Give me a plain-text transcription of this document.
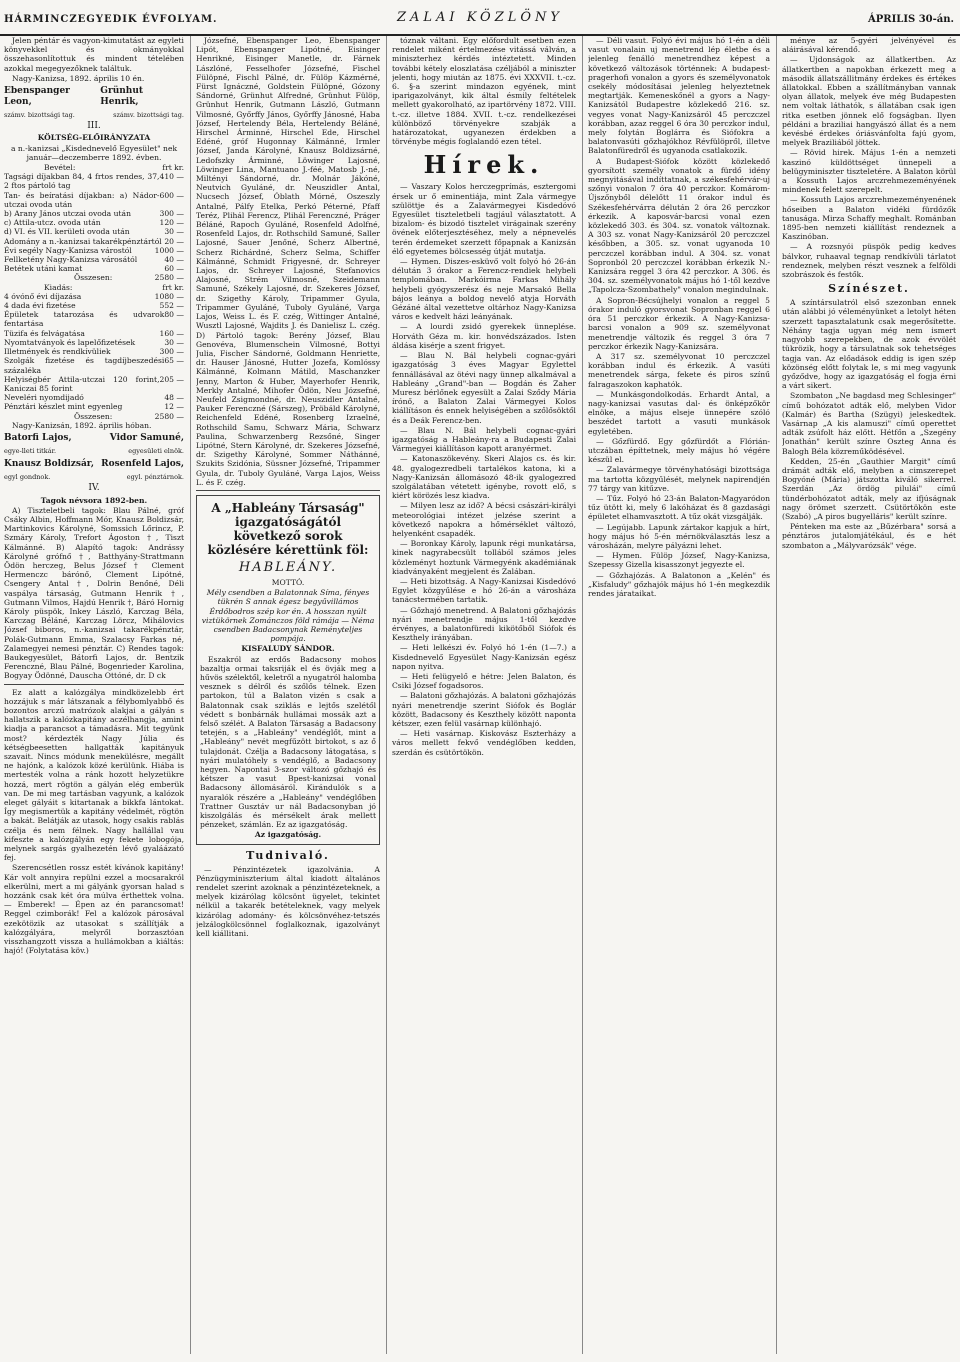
HÁRMINCZEGYEDIK ÉVFOLYAM.	ZALAI KÖZLÖNY	ÁPRILIS 30-án.

Jelen péntár és vagyon-kimutatást az egyleti könyvekkel és okmányokkal összehasonlítottuk és mindent tételében azokkal megegyezőknek találtuk.

Nagy-Kanizsa, 1892. április 10 én.

Ebenspanger Leon,
Grünhut Henrik,
számv. bizottsági tag.	számv. bizottsági tag.
III.

KÖLTSÉG-ELŐIRÁNYZATA

a n.-kanizsai „Kisdednevelő Egyesület" nek január—deczemberre 1892. évben.

Bevétel:	frt kr.
Tagsági díjakban 84, 4 frtos rendes, 37, 2 ftos pártoló tag
410 —
Tan- és beíratási díjakban: a) Nádor-utczai ovoda után
600 —
b) Arany János utczai ovoda után	300 —
c) Attila-utcz. ovoda után	120 —
d) VI. és VII. kerületi ovoda után	30 —
Adomány a n.-kanizsai takarékpénztártól 20 —
Évi segély Nagy-Kanizsa várostól	1000 —
Fellketény Nagy-Kanizsa városától	40 —
Betétek utáni kamat	60 —
Összesen:	2580 —
Kiadás:	frt kr.
4 óvónő évi díjazása	1080 —
4 dada évi fizetése	552 —
Épületek tatarozása és udvarok fentartása
80 —
Tüzifa és felvágatása	160 —
Nyomtatványok és lapelőfizetések	30 —
Illetmények és rendkívüliek	300 —
Szolgák fizetése és tagdíjbeszedési százaléka
65 —
Helyiségbér Attila-utczai 120 forint, Kaniczai 85 forint
205 —
Neveléri nyomdijadó	48 —
Pénztári készlet mint egyenleg	12 —
Összesen:	2580 —

Nagy-Kanizsán, 1892. április hóban.

Batorfi Lajos,	Vidor Samuné,
egye-lleti titkár.	egyesületi elnök.
Knausz Boldizsár, Rosenfeld Lajos,
egyl gondnok.	egyl. pénztárnok.
IV.

Tagok névsora 1892-ben.

A) Tiszteletbeli tagok: Blau Pálné, gróf Csáky Albin, Hoffmann Mór, Knausz Boldizsár, Martinkovics Károlyné, Somssich Lőrincz, P. Szmáry Károly, Trefort Ágoston †, Tiszt Kálmánné. B) Alapító tagok: Andrássy Károlyné grófnő †, Batthyány-Strattmann Ödön herczeg, Belus József † Clement Hermenczc bárónő, Clement Lipótné, Csengery Antal †, Dolrin Benőné, Déli vaspálya társaság, Gutmann Henrik †, Gutmann Vilmos, Hajdú Henrik †, Báró Hornig Károly püspök, Inkey László, Karczag Béla, Karczag Béláné, Karczag Lörcz, Mihálovics József biboros, n.-kanizsai takarékpénztár, Polák-Gutmann Emma, Szalacsy Farkas né, Zalamegyei nemesi pénztár. C) Rendes tagok: Baukegyesület, Bátorfi Lajos, dr. Bentzik Ferenczné, Blau Pálné, Bogenrieder Karolina, Bogyay Ödönné, Dauscha Ottóné, dr. D ck

Ez alatt a kalózgálya mindközelebb ért hozzájuk s már látszanak a félybomlyabbő és bozontos arczú matrózok alakjai a gályán s hallatszik a kalózkapitány aczélhangja, amint kiadja a parancsot a támadásra. Mit tegyünk most? kérdezték Nagy Júlia és kétségbeesetten hallgatták kapitányuk szavait. Nincs módunk menekülésre, megállt ne hajónk, a kalózok közé kerülünk. Hiába is mertesték volna a ránk hozott helyzetükre hozzá, mert rögtön a gályán elég emberük van. De mi meg tartásban vagyunk, a kalózok eleget gályáit s kitartanak a bikkfa lántokat. Így megismertük a kapitány védelmét, rögtön a bakát. Belátják az utasok, hogy csakis rablás czélja és nem félnek. Nagy hallállal vau kifeszte a kalózgályán egy fekete lobogója, melynek sargás gyalhezetén lévő gyaláázató fej.

Szerencsétlen rossz estét kívánok kapitány! Kár volt annyira repülni ezzel a mocsarakról elkerülni, mert a mi gályánk gyorsan halad s hozzánk csak két óra múlva érthettek volna. — Emberek! — Épen az én parancsomat! Reggel czimborák! Fel a kalózok párosával ezekötözik az utasokat s szállítják a kalózgályára, melyről borzasztóan visszhangzott vissza a hullámokban a kiáltás: hajó! (Folytatása köv.)

Józsefné, Ebenspanger Leo, Ebenspanger Lipót, Ebenspanger Lipótné, Eisinger Henrikné, Eisinger Manetle, dr. Fárnek Lászlóné, Fesselhofer Józsefné, Fischel Fülöpné, Fischl Pálné, dr. Fülöp Kázmérné, Fürst Ignáczné, Goldstein Fülöpné, Gózony Sándorné, Grünhut Alfredné, Grünhut Fülöp, Grünhut Henrik, Gutmann László, Gutmann Vilmosné, Győrffy János, Győrffy Jánosné, Haba József, Hertelendy Béla, Hertelendy Béláné, Hirschel Árminné, Hirschel Ede, Hirschel Edéné, gróf Hugonnay Kálmánné, Irmler József, Janda Károlyné, Knausz Boldizsárné, Ledofszky Árminné, Löwinger Lajosné, Löwinger Lina, Mantuano J.-féé, Matosb J.-né, Miltényi Sándorné, dr. Molnár Jákóné, Neutvich Gyuláné, dr. Neuszidler Antal, Nucsech József, Óblath Mórné, Oszeszly Antalné, Pálfy Etelka, Perkó Péterné, Pfaff Teréz, Plihál Ferencz, Plihál Ferenczné, Práger Béláné, Rapoch Gyuláné, Rosenfeld Adolfné, Rosenfeld Lajos, dr. Rothschild Samuné, Saller Lajosné, Sauer Jenőné, Scherz Albertné, Scherz Richárdné, Scherz Selma, Schiffer Kálmánné, Schmidt Frigyesné, dr. Schreyer Lajos, dr. Schreyer Lajosné, Stefanovics Alajosné, Strém Vilmosné, Szeidemann Samuné, Székely Lajosné, dr. Szekeres József, dr. Szigethy Károly, Tripammer Gyula, Tripammer Gyuláné, Tuboly Gyuláné, Varga Lajos, Weiss L. és F. czég, Wittinger Antalné, Wusztl Lajosné, Wajdits J. és Danielisz L. czég. D) Pártoló tagok: Berény József, Blau Genovéva, Blumenschein Vilmosné, Bottyi Julia, Fischer Sándorné, Goldmann Henriette, dr. Hauser Jánosné, Hutter Jozefa, Komlóssy Kálmánné, Kolmann Mátild, Maschanzker Jenny, Marton & Huber, Mayerhofer Henrik, Merkly Antalné, Mihofer Ödön, Neu Józsefné, Neufeld Zsigmondné, dr. Neuszidler Antalné, Pauker Ferenczné (Sárszeg), Pröbáld Károlyné, Reichenfeld Edéné, Rosenberg Izraelné, Rothschild Samu, Schwarz Mária, Schwarz Paulina, Schwarzenberg Rezsőné, Singer Lipótné, Stern Károlyné, dr. Szekeres Józsefné, dr. Szigethy Károlyné, Sommer Náthánné, Szukits Szidónia, Süssner Józsefné, Tripammer Gyula, dr. Tuboly Gyuláné, Varga Lajos, Weiss L. és F. czég.

A „Hableány Társaság" igazgatóságától következő sorok közlésére kérettünk föl:
HABLEÁNY.

MOTTÓ.

Mély csendben a Balatonnak Síma, fényes tükrén S annak égesz begyűvillámos Érdőbodros szép kor én. A hosszan nyúlt viztükörnek Zománczos föld rámája — Néma csendben Badacsonynak Reményteljes pompája.

KISFALUDY SÁNDOR.

Eszakról az erdős Badacsony mohos bazaltja ormai taksriják el és övják meg a hűvös szélektől, keletről a nyugatról halomba vesznek s délről és szőlős télnek. Ezen partokon, túl a Balaton vizén s csak a Balatonnak csak sziklás e lejtős szelétől védett s bonbárnák hullámai mossák azt a felső szélét. A Balaton Társaság a Badacsony tetején, s a „Hableány" vendéglőt, mint a „Hableány" nevét megfűzött birtokot, s az ő tulajdonát. Czélja a Badacsony látogatása, s nyári mulatóhely s vendéglő, a Badacsony hegyen. Napontai 3-szor változó gőzhajó és kétszer a vasut Bpest-kanizsai vonal Badacsony állomásáról. Kirándulók s a nyaralók részére a „Hableány" vendéglőben Trattner Gusztáv ur nál Badacsonyban jó kiszolgálás és mérsékelt árak mellett pénzeket, számlán. Ez az igazgatóság.

Az igazgatóság.

Tudnivaló.

— Pénzintézetek igazolvánia. A Pénzügyminiszterium által kiadott általános rendelet szerint azoknak a pénzintézeteknek, a melyek kizárólag kölcsönt ügyelet, tekintet nélkül a takarék betételeknek, vagy melyek kizárólag adomány- és kölcsönvéhez-tetszés jelzálogkölcsönnel foglalkoznak, igazolványt kell kiállitani.

tóznak váltani. Egy előfordult esetben ezen rendelet miként értelmezése vitássá válván, a miniszterhez kérdés intéztetett. Minden további kétely eloszlatása czéljából a miniszter jelenti, hogy miután az 1875. évi XXXVII. t.-cz. 6. §-a szerint mindazon egyének, mint iparigazolványt, kik által ésmily feltételek mellett gyakorolható, az ipartörvény 1872. VIII. t.-cz. illetve 1884. XVII. t.-cz. rendelkezései különböző törvényekre szabják a határozatokat, ugyanezen érdekben a törvénybe mégis foglalandó ezen tétel.

Hírek.

— Vaszary Kolos herczegprímás, esztergomi érsek ur ő eminentiája, mint Zala vármegye szülöttje és a Zalavármegyei Kisdedóvó Egyesület tiszteletbeli tagjául választatott. A bizalom- és bizodó tisztelet virágainak szerény övének előterjesztéséhez, mely a népnevelés terén érdemeket szerzett főpapnak a Kanizsán élő egyetemes bölcsesség útját mutatja.

— Hymen. Diszes-esküvő volt folyó hó 26-án délután 3 órakor a Ferencz-rendiek helybeli templomában. Markóirma Farkas Mihály helybeli gyógyszerész és neje Marsakó Bella bájos leánya a boldog nevelő atyja Horváth Gézáné által vezettetve oltárhoz Nagy-Kanizsa város e kedvelt házi leányának.

— A lourdi zsidó gyerekek ünneplése. Horváth Géza m. kir. honvédszázados. Isten áldása kisérje a szent frigyet.

— Blau N. Bál helybeli cognac-gyári igazgatóság 3 éves Magyar Egylettel fennállásával az ötévi nagy ünnep alkalmával a Hableány „Grand"-ban — Bogdán és Zaher Muresz bérlőnek egyesült a Zalai Sződy Mária írónő, a Balaton Zalai Vármegyei Kolos kiállításon és ennek helyiségében a szőlősöktől és a Deák Ferencz-ben.

— Blau N. Bál helybeli cognac-gyári igazgatóság a Hableány-ra a Budapesti Zalai Vármegyei kiállításon kapott aranyérmet.

— Katonaszökevény. Skeri Alajos cs. és kir. 48. gyalogezredbeli tartalékos katona, ki a Nagy-Kanizsán állomásozó 48-ik gyalogezred szolgálatában vétetett igénybe, rovott elő, s kiért körözés lesz kiadva.

— Milyen lesz az idő? A bécsi császári-királyi meteorológiai intézet jelzése szerint a következő napokra a hőmérséklet változó, helyenként csapadék.

— Boronkay Károly, lapunk régi munkatársa, kinek nagyrabecsült tollából számos jeles közleményt hoztunk Vármegyénk akadémiának kiadványaként megjelent és Zalában.

— Heti bizottság. A Nagy-Kanizsai Kisdedóvó Egylet közgyűlése e hó 26-án a városháza tanácstermében tartatik.

— Gőzhajó menetrend. A Balatoni gőzhajózás nyári menetrendje május 1-től kezdve érvényes, a balatonfüredi kikötőből Siófok és Keszthely irányában.

— Heti lelkészi év. Folyó hó 1-én (1—7.) a Kisdednevelő Egyesület Nagy-Kanizsán egész napon nyitva.

— Heti felügyelő e hétre: Jelen Balaton, és Csiki József fogadsoros.

— Balatoni gőzhajózás. A balatoni gőzhajózás nyári menetrendje szerint Siófok és Boglár között, Badacsony és Keszthely között naponta kétszer, ezen felül vasárnap különhajó.

— Heti vasárnap. Kiskovász Eszterházy a város mellett fekvő vendéglőben kedden, szerdán és csütörtökön.

— Déli vasut. Folyó évi május hó 1-én a déli vasut vonalain uj menetrend lép életbe és a jelenleg fenálló menetrendhez képest a következő változások történnek: A budapest-pragerhofi vonalon a gyors és személyvonatok csekély módosításai jelenleg helyeztetnek megtartják. Kemeneskőnél a gyors a Nagy-Kanizsától Budapestre közlekedő 216. sz. vegyes vonat Nagy-Kanizsáról 45 perczczel korábban, azaz reggel 6 óra 30 perczkor indul, mely folytán Boglárra és Siófokra a balatonvasúti gőzhajókhoz Révfülöpről, illetve Balatonfüredről és ugyanoda csatlakozik.

A Budapest-Siófok között közlekedő gyorsított személy vonatok a fürdő idény megnyitásával indíttatnak, a székesfehérvár-uj szőnyi vonalon 7 óra 40 perczkor. Komárom-Újszőnyből délelőtt 11 órakor indul és Székesfehérvárra délután 2 óra 26 perczkor érkezik. A kaposvár-barcsi vonal ezen közlekedő 303. és 304. sz. vonatok változnak. A 303 sz. vonat Nagy-Kanizsáról 20 perczczel későbben, a 305. sz. vonat ugyanoda 10 perczczel korábban indul. A 304. sz. vonat Sopronból 20 perczczel korábban érkezik N.-Kanizsára reggel 3 óra 42 perczkor. A 306. és 304. sz. személyvonatok május hó 1-től kezdve „Tapolcza-Szombathely" vonalon megindulnak.

A Sopron-Bécsújhelyi vonalon a reggel 5 órakor induló gyorsvonat Sopronban reggel 6 óra 51 perczkor érkezik. A Nagy-Kanizsa-barcsi vonalon a 909 sz. személyvonat menetrendje változik és reggel 3 óra 7 perczkor érkezik Nagy-Kanizsára.

A 317 sz. személyvonat 10 perczczel korábban indul és érkezik. A vasúti menetrendek sárga, fekete és piros színű falragaszokon kaphatók.

— Munkásgondolkodás. Erhardt Antal, a nagy-kanizsai vasutas dal- és önképzőkör elnöke, a május elseje ünnepére szóló beszédet tartott a vasuti munkások egyletében.

— Gőzfürdő. Egy gőzfürdőt a Flórián-utczában építtetnek, mely május hó végére készül el.

— Zalavármegye törvényhatósági bizottsága ma tartotta közgyűlését, melynek napirendjén 77 tárgy van kitűzve.

— Tűz. Folyó hó 23-án Balaton-Magyaródon tűz ütött ki, mely 6 lakóházat és 8 gazdasági épületet elhamvasztott. A tűz okát vizsgálják.

— Legújabb. Lapunk zártakor kapjuk a hírt, hogy május hó 5-én mérnökválasztás lesz a városházán, melyre pályázni lehet.

— Hymen. Fülöp József, Nagy-Kanizsa, Szepessy Gizella kisasszonyt jegyezte el.

— Gőzhajózás. A Balatonon a „Kelén" és „Kisfaludy" gőzhajók május hó 1-én megkezdik rendes járataikat.

ménye az 5-gyéri jelvényével és aláirásával kérendő.

— Ujdonságok az állatkertben. Az állatkertben a napokban érkezett meg a második állatszállitmány érdekes és értékes állatokkal. Ebben a szállítmányban vannak olyan állatok, melyek éve még Budapesten nem voltak láthatók, s állatában csak igen ritka esetben jönnek elő fogságban. Ilyen példáni a braziliai hangyászó állat és a nem kevésbé érdekes óriásvánfolta fajú gyom, melyek Braziliából jöttek.

— Rövid hirek. Május 1-én a nemzeti kaszinó küldöttséget ünnepeli a belügyminiszter tiszteletére. A Balaton körül a Kossuth Lajos arczrehmezeményének mindenek felett szerepelt.

— Kossuth Lajos arczrehmezeményenének hőseiben a Balaton vidéki fürdőzők tanusága. Mirza Schaffy meghalt. Románban 1895-ben nemzeti kiállítást rendeznek a Kaszinóban.

— A rozsnyói püspök pedig kedves bálvkor, ruhaaval tegnap rendkívüli tárlatot rendeznek, melyben részt vesznek a felföldi szobrászok és festők.

Színészet.

A színtársulatról első szezonban ennek után alábbi jó véleményünket a letolyt héten szerzett tapasztalatunk csak megerősítette. Néhány tagja ugyan még nem ismert nagyobb szerepekben, de azok évvölét tükrözik, hogy a társulatnak sok tehetséges tagja van. Az előadások eddig is igen szép közönség előtt folytak le, s mi meg vagyunk győződve, hogy az igazgatóság el fogja érni a várt sikert.

Szombaton „Ne bagdasd meg Schlesinger" című bohózatot adták elő, melyben Vidor (Kalmár) és Bartha (Szügyi) jeleskedtek. Vasárnap „A kis alamuszi" című operettet adták zsúfolt ház előtt. Hétfőn a „Szegény Jonathán" került színre Oszteg Anna és Balogh Béla közreműködésével.

Kedden, 25-én „Gauthier Margit" című drámát adták elő, melyben a cimszerepet Bogyóné (Mária) játszotta kiváló sikerrel. Szerdán „Az ördög pilulái" című tündérbohózatot adták, mely az ifjúságnak nagy örömet szerzett. Csütörtökön este (Szabó) „A piros bugyelláris" került színre.

Pénteken ma este az „Bűzérbara" sorsá a pénztáros jutalomjátékául, és e hét szombaton a „Mályvarózsák" vége.
